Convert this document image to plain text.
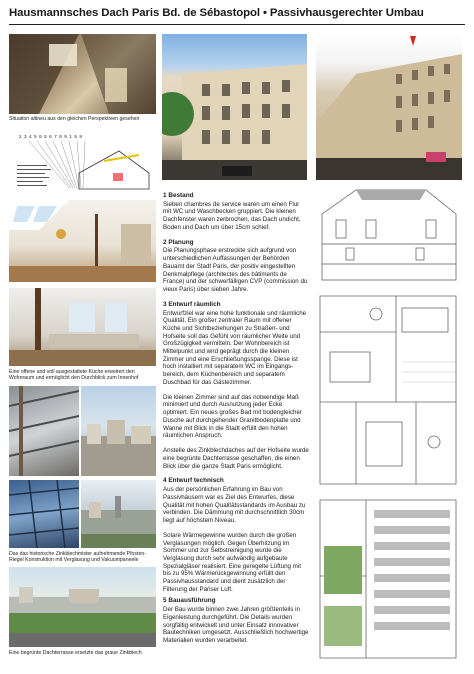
Hausmannsches Dach Paris Bd. de Sébastopol • Passivhausgerechter Umbau
Situation altineu aus den gleichen Perspektiven gesehen
2 3 4 5 6 5 6 7 8 9 1 5 8
Eine offene und voll ausgestattete Küche erweitert den Wohnraum und ermöglicht den Durchblick zum Innenhof
Das das historische Zinkblechmister aufnehmende Pfosten-Riegel Konstruktion mit Verglasung und Vakuumpaneele
Eine begrünte Dachterrasse ersetzte das graue Zinkblech
1 Bestand

Sieben chambres de service waren um einen Flur mit WC und Waschbecken gruppiert. Die kleinen Dachfenster waren zerbrochen, das Dach undicht, Boden und Dach um über 15cm schief.

2 Planung

Die Planungsphase erstreckte sich aufgrund von unterschiedlichen Auffassungen der Behörden Bauamt der Stadt Paris, der positiv eingestellten Denkmalpflege (architectes des bâtiments de France) und der schwerfälligen CVP (commission du vieux Paris) über sieben Jahre.

3 Entwurf räumlich

Entwurfziel war eine hohe funktionale und räumliche Qualität. Ein großer zentraler Raum mit offener Küche und Sichtbeziehungen zu Straßen- und Hofseite soll das Gefühl von räumlicher Weite und Großzügigkeit vermitteln. Der Wohnbereich ist Mittelpunkt und wird geprägt durch die kleinen Zimmer und eine Erschließungsspange. Diese ist hoch installiert mit separatem WC im Eingangs-bereich, dem Küchenbereich und separatem Duschbad für das Gästezimmer.

Die kleinen Zimmer sind auf das notwendige Maß minimiert und durch Ausnutzung jeder Ecke optimiert. Ein neues großes Bad mit bodengleicher Dusche auf durchgehender Granitbodenplatte und Wanne mit Blick in die Stadt erfüllt den hohen räumlichen Anspruch.

Anstelle des Zinkblechdaches auf der Hofseite wurde eine begrünte Dachterrasse geschaffen, die einen Blick über die ganze Stadt Paris ermöglicht.

4 Entwurf technisch

Aus der persönlichen Erfahrung im Bau von Passivhäusern war es Ziel des Entwurfes, diese Qualität mit hohen Qualitätsstandards im Ausbau zu verbinden. Die Dämmung mit durchschnittlich 30cm liegt auf höchstem Niveau.

Solare Wärmegewinne wurden durch die großen Verglasungen möglich. Gegen Überhitzung im Sommer und zur Selbstreinigung wurde die Verglasung durch sehr aufwändig aufgebaute Spezialgläser realisiert. Eine geregelte Lüftung mit bis zu 95% Wärmerückgewinnung erfüllt den Passivhausstandard und dient zusätzlich der Filterung der Pariser Luft.

5 Bauausführung

Der Bau wurde binnen zwei Jahren größtenteils in Eigenleistung durchgeführt. Die Details wurden sorgfältig entwickelt und unter Einsatz innovativer Bautechniken umgesetzt. Ausschließlich hochwertige Materialien wurden verarbeitet.
